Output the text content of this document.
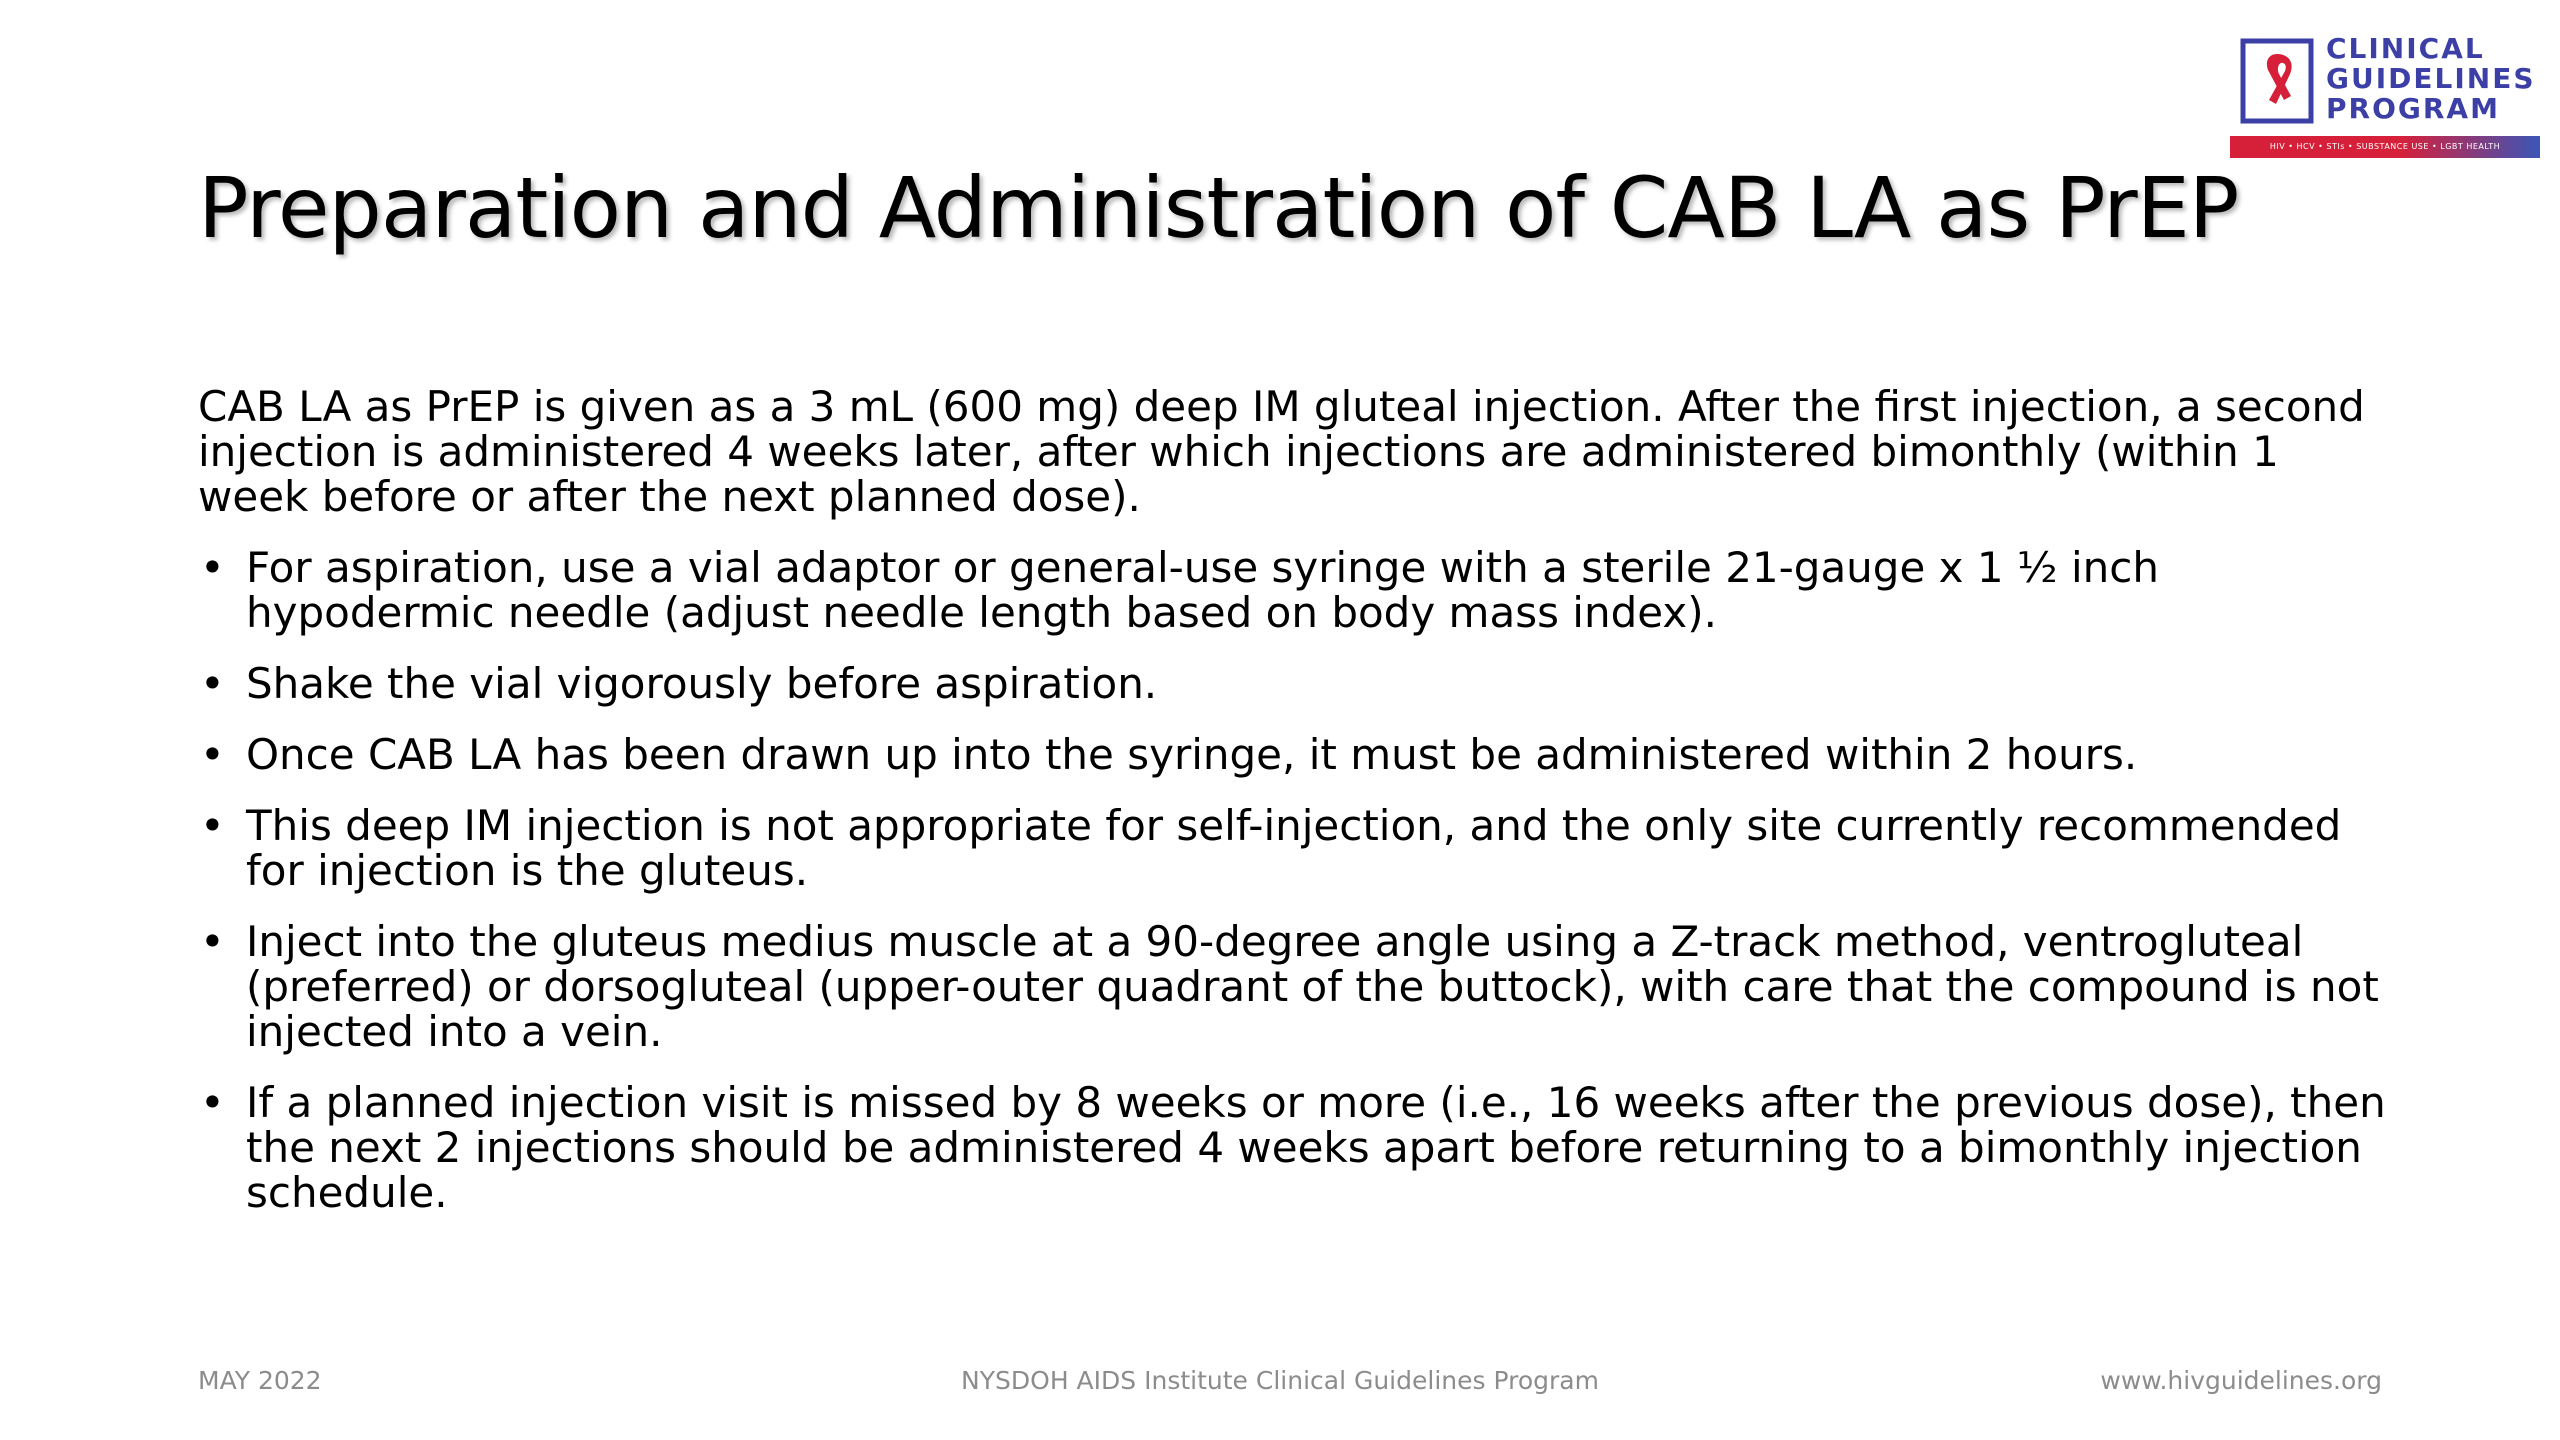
CLINICAL
GUIDELINES
PROGRAM
HIV • HCV • STIs • SUBSTANCE USE • LGBT HEALTH
Preparation and Administration of CAB LA as PrEP

CAB LA as PrEP is given as a 3 mL (600 mg) deep IM gluteal injection. After the first injection, a second injection is administered 4 weeks later, after which injections are administered bimonthly (within 1 week before or after the next planned dose).

• For aspiration, use a vial adaptor or general-use syringe with a sterile 21-gauge x 1 ½ inch hypodermic needle (adjust needle length based on body mass index).
• Shake the vial vigorously before aspiration.
• Once CAB LA has been drawn up into the syringe, it must be administered within 2 hours.
• This deep IM injection is not appropriate for self-injection, and the only site currently recommended for injection is the gluteus.
• Inject into the gluteus medius muscle at a 90-degree angle using a Z-track method, ventrogluteal (preferred) or dorsogluteal (upper-outer quadrant of the buttock), with care that the compound is not injected into a vein.
• If a planned injection visit is missed by 8 weeks or more (i.e., 16 weeks after the previous dose), then the next 2 injections should be administered 4 weeks apart before returning to a bimonthly injection schedule.
MAY 2022	NYSDOH AIDS Institute Clinical Guidelines Program	www.hivguidelines.org
